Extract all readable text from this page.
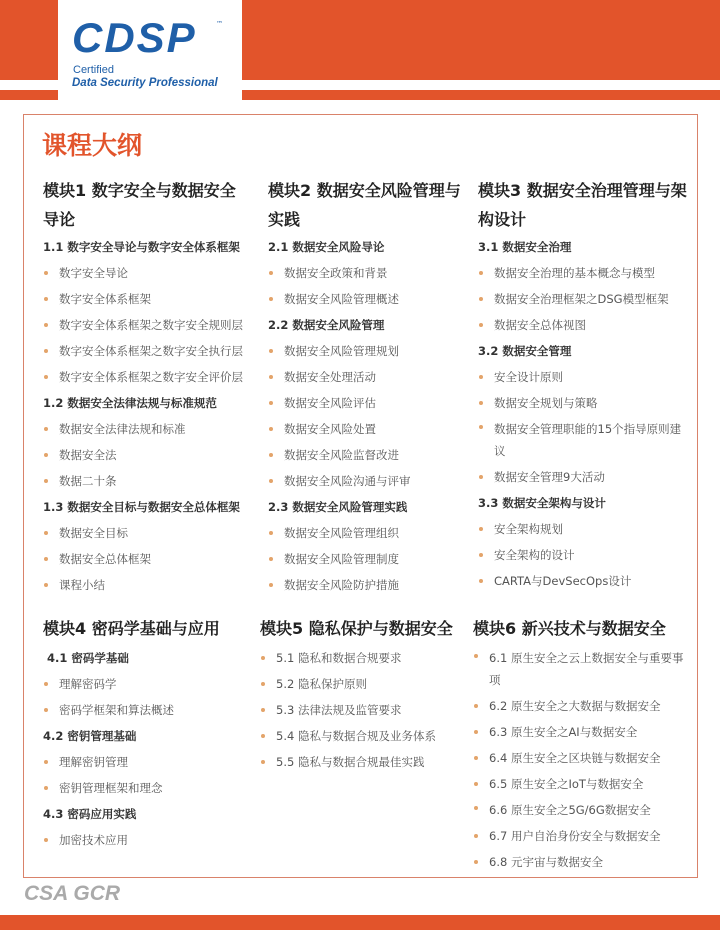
CDSP	™
Certified
Data Security Professional
课程大纲
模块1 数字安全与数据安全导论
1.1 数字安全导论与数字安全体系框架
数字安全导论
数字安全体系框架
数字安全体系框架之数字安全规则层
数字安全体系框架之数字安全执行层
数字安全体系框架之数字安全评价层
1.2 数据安全法律法规与标准规范
数据安全法律法规和标准
数据安全法
数据二十条
1.3 数据安全目标与数据安全总体框架
数据安全目标
数据安全总体框架
课程小结
模块2 数据安全风险管理与实践
2.1 数据安全风险导论
数据安全政策和背景
数据安全风险管理概述
2.2 数据安全风险管理
数据安全风险管理规划
数据安全处理活动
数据安全风险评估
数据安全风险处置
数据安全风险监督改进
数据安全风险沟通与评审
2.3 数据安全风险管理实践
数据安全风险管理组织
数据安全风险管理制度
数据安全风险防护措施
模块3 数据安全治理管理与架构设计
3.1 数据安全治理
数据安全治理的基本概念与模型
数据安全治理框架之DSG模型框架
数据安全总体视图
3.2 数据安全管理
安全设计原则
数据安全规划与策略
数据安全管理职能的15个指导原则建议
数据安全管理9大活动
3.3 数据安全架构与设计
安全架构规划
安全架构的设计
CARTA与DevSecOps设计
模块4 密码学基础与应用
4.1 密码学基础
理解密码学
密码学框架和算法概述
4.2 密钥管理基础
理解密钥管理
密钥管理框架和理念
4.3 密码应用实践
加密技术应用
模块5 隐私保护与数据安全
5.1 隐私和数据合规要求
5.2 隐私保护原则
5.3 法律法规及监管要求
5.4 隐私与数据合规及业务体系
5.5 隐私与数据合规最佳实践
模块6 新兴技术与数据安全
6.1 原生安全之云上数据安全与重要事项
6.2 原生安全之大数据与数据安全
6.3 原生安全之AI与数据安全
6.4 原生安全之区块链与数据安全
6.5 原生安全之IoT与数据安全
6.6 原生安全之5G/6G数据安全
6.7 用户自治身份安全与数据安全
6.8 元宇宙与数据安全
CSA GCR
